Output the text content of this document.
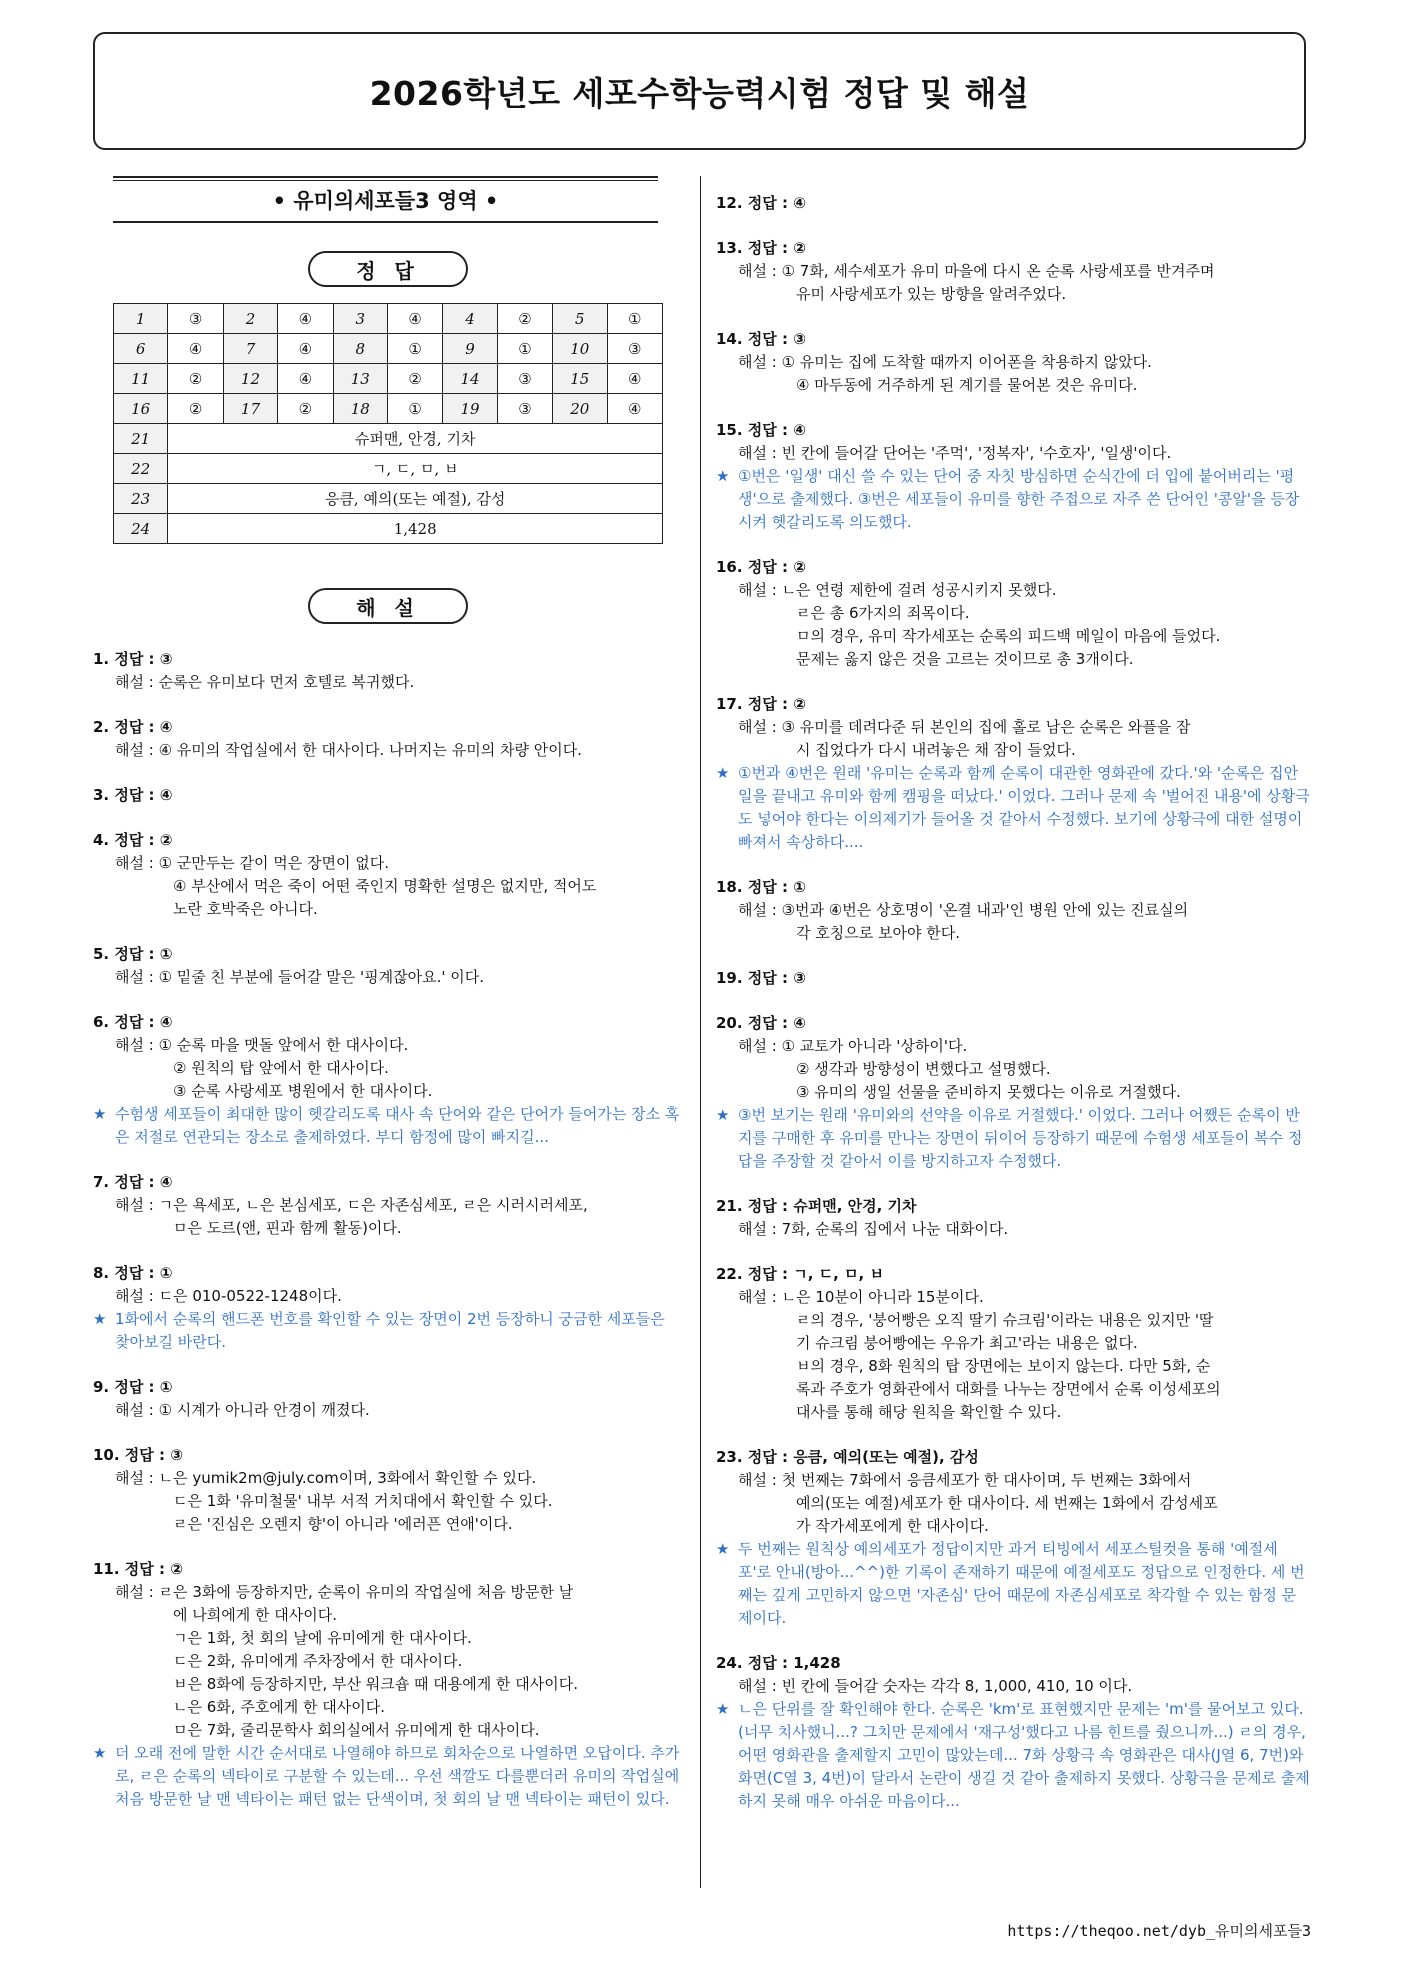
2026학년도 세포수학능력시험 정답 및 해설
• 유미의세포들3 영역 •
정 답
1	③	2	④	3	④	4	②	5	①
6	④	7	④	8	①	9	①	10	③
11	②	12	④	13	②	14	③	15	④
16	②	17	②	18	①	19	③	20	④
21	슈퍼맨, 안경, 기차								
22	ㄱ, ㄷ, ㅁ, ㅂ								
23	응큼, 예의(또는 예절), 감성								
24	1,428								
해 설
1. 정답 : ③
해설 : 순록은 유미보다 먼저 호텔로 복귀했다.
2. 정답 : ④
해설 : ④ 유미의 작업실에서 한 대사이다. 나머지는 유미의 차량 안이다.
3. 정답 : ④
4. 정답 : ②
해설 : ① 군만두는 같이 먹은 장면이 없다.
④ 부산에서 먹은 죽이 어떤 죽인지 명확한 설명은 없지만, 적어도
노란 호박죽은 아니다.
5. 정답 : ①
해설 : ① 밑줄 친 부분에 들어갈 말은 '핑계잖아요.' 이다.
6. 정답 : ④
해설 : ① 순록 마을 맷돌 앞에서 한 대사이다.
② 원칙의 탑 앞에서 한 대사이다.
③ 순록 사랑세포 병원에서 한 대사이다.
★ 수험생 세포들이 최대한 많이 헷갈리도록 대사 속 단어와 같은 단어가 들어가는 장소 혹은 저절로 연관되는 장소로 출제하였다. 부디 함정에 많이 빠지길...
7. 정답 : ④
해설 : ㄱ은 욕세포, ㄴ은 본심세포, ㄷ은 자존심세포, ㄹ은 시러시러세포,
ㅁ은 도르(앤, 핀과 함께 활동)이다.
8. 정답 : ①
해설 : ㄷ은 010-0522-1248이다.
★ 1화에서 순록의 핸드폰 번호를 확인할 수 있는 장면이 2번 등장하니 궁금한 세포들은 찾아보길 바란다.
9. 정답 : ①
해설 : ① 시계가 아니라 안경이 깨졌다.
10. 정답 : ③
해설 : ㄴ은 yumik2m@july.com이며, 3화에서 확인할 수 있다.
ㄷ은 1화 '유미철물' 내부 서적 거치대에서 확인할 수 있다.
ㄹ은 '진심은 오렌지 향'이 아니라 '에러픈 연애'이다.
11. 정답 : ②
해설 : ㄹ은 3화에 등장하지만, 순록이 유미의 작업실에 처음 방문한 날
에 나희에게 한 대사이다.
ㄱ은 1화, 첫 회의 날에 유미에게 한 대사이다.
ㄷ은 2화, 유미에게 주차장에서 한 대사이다.
ㅂ은 8화에 등장하지만, 부산 워크숍 때 대용에게 한 대사이다.
ㄴ은 6화, 주호에게 한 대사이다.
ㅁ은 7화, 줄리문학사 회의실에서 유미에게 한 대사이다.
★ 더 오래 전에 말한 시간 순서대로 나열해야 하므로 회차순으로 나열하면 오답이다. 추가로, ㄹ은 순록의 넥타이로 구분할 수 있는데... 우선 색깔도 다를뿐더러 유미의 작업실에 처음 방문한 날 맨 넥타이는 패턴 없는 단색이며, 첫 회의 날 맨 넥타이는 패턴이 있다.
12. 정답 : ④
13. 정답 : ②
해설 : ① 7화, 세수세포가 유미 마을에 다시 온 순록 사랑세포를 반겨주며
유미 사랑세포가 있는 방향을 알려주었다.
14. 정답 : ③
해설 : ① 유미는 집에 도착할 때까지 이어폰을 착용하지 않았다.
④ 마두동에 거주하게 된 계기를 물어본 것은 유미다.
15. 정답 : ④
해설 : 빈 칸에 들어갈 단어는 '주먹', '정복자', '수호자', '일생'이다.
★ ①번은 '일생' 대신 쓸 수 있는 단어 중 자칫 방심하면 순식간에 더 입에 붙어버리는 '평생'으로 출제했다. ③번은 세포들이 유미를 향한 주접으로 자주 쓴 단어인 '콩알'을 등장시켜 헷갈리도록 의도했다.
16. 정답 : ②
해설 : ㄴ은 연령 제한에 걸려 성공시키지 못했다.
ㄹ은 총 6가지의 죄목이다.
ㅁ의 경우, 유미 작가세포는 순록의 피드백 메일이 마음에 들었다.
문제는 옳지 않은 것을 고르는 것이므로 총 3개이다.
17. 정답 : ②
해설 : ③ 유미를 데려다준 뒤 본인의 집에 홀로 남은 순록은 와플을 잠
시 집었다가 다시 내려놓은 채 잠이 들었다.
★ ①번과 ④번은 원래 '유미는 순록과 함께 순록이 대관한 영화관에 갔다.'와 '순록은 집안일을 끝내고 유미와 함께 캠핑을 떠났다.' 이었다. 그러나 문제 속 '벌어진 내용'에 상황극도 넣어야 한다는 이의제기가 들어올 것 같아서 수정했다. 보기에 상황극에 대한 설명이 빠져서 속상하다....
18. 정답 : ①
해설 : ③번과 ④번은 상호명이 '온결 내과'인 병원 안에 있는 진료실의
각 호칭으로 보아야 한다.
19. 정답 : ③
20. 정답 : ④
해설 : ① 교토가 아니라 '상하이'다.
② 생각과 방향성이 변했다고 설명했다.
③ 유미의 생일 선물을 준비하지 못했다는 이유로 거절했다.
★ ③번 보기는 원래 '유미와의 선약을 이유로 거절했다.' 이었다. 그러나 어쨌든 순록이 반지를 구매한 후 유미를 만나는 장면이 뒤이어 등장하기 때문에 수험생 세포들이 복수 정답을 주장할 것 같아서 이를 방지하고자 수정했다.
21. 정답 : 슈퍼맨, 안경, 기차
해설 : 7화, 순록의 집에서 나눈 대화이다.
22. 정답 : ㄱ, ㄷ, ㅁ, ㅂ
해설 : ㄴ은 10분이 아니라 15분이다.
ㄹ의 경우, '붕어빵은 오직 딸기 슈크림'이라는 내용은 있지만 '딸
기 슈크림 붕어빵에는 우유가 최고'라는 내용은 없다.
ㅂ의 경우, 8화 원칙의 탑 장면에는 보이지 않는다. 다만 5화, 순
록과 주호가 영화관에서 대화를 나누는 장면에서 순록 이성세포의
대사를 통해 해당 원칙을 확인할 수 있다.
23. 정답 : 응큼, 예의(또는 예절), 감성
해설 : 첫 번째는 7화에서 응큼세포가 한 대사이며, 두 번째는 3화에서
예의(또는 예절)세포가 한 대사이다. 세 번째는 1화에서 감성세포
가 작가세포에게 한 대사이다.
★ 두 번째는 원칙상 예의세포가 정답이지만 과거 티빙에서 세포스틸컷을 통해 '예절세포'로 안내(방아...^^)한 기록이 존재하기 때문에 예절세포도 정답으로 인정한다. 세 번째는 깊게 고민하지 않으면 '자존심' 단어 때문에 자존심세포로 착각할 수 있는 함정 문제이다.
24. 정답 : 1,428
해설 : 빈 칸에 들어갈 숫자는 각각 8, 1,000, 410, 10 이다.
★ ㄴ은 단위를 잘 확인해야 한다. 순록은 'km'로 표현했지만 문제는 'm'를 물어보고 있다. (너무 치사했니...? 그치만 문제에서 '재구성'했다고 나름 힌트를 줬으니까...) ㄹ의 경우, 어떤 영화관을 출제할지 고민이 많았는데... 7화 상황극 속 영화관은 대사(J열 6, 7번)와 화면(C열 3, 4번)이 달라서 논란이 생길 것 같아 출제하지 못했다. 상황극을 문제로 출제하지 못해 매우 아쉬운 마음이다...
https://theqoo.net/dyb_유미의세포들3
